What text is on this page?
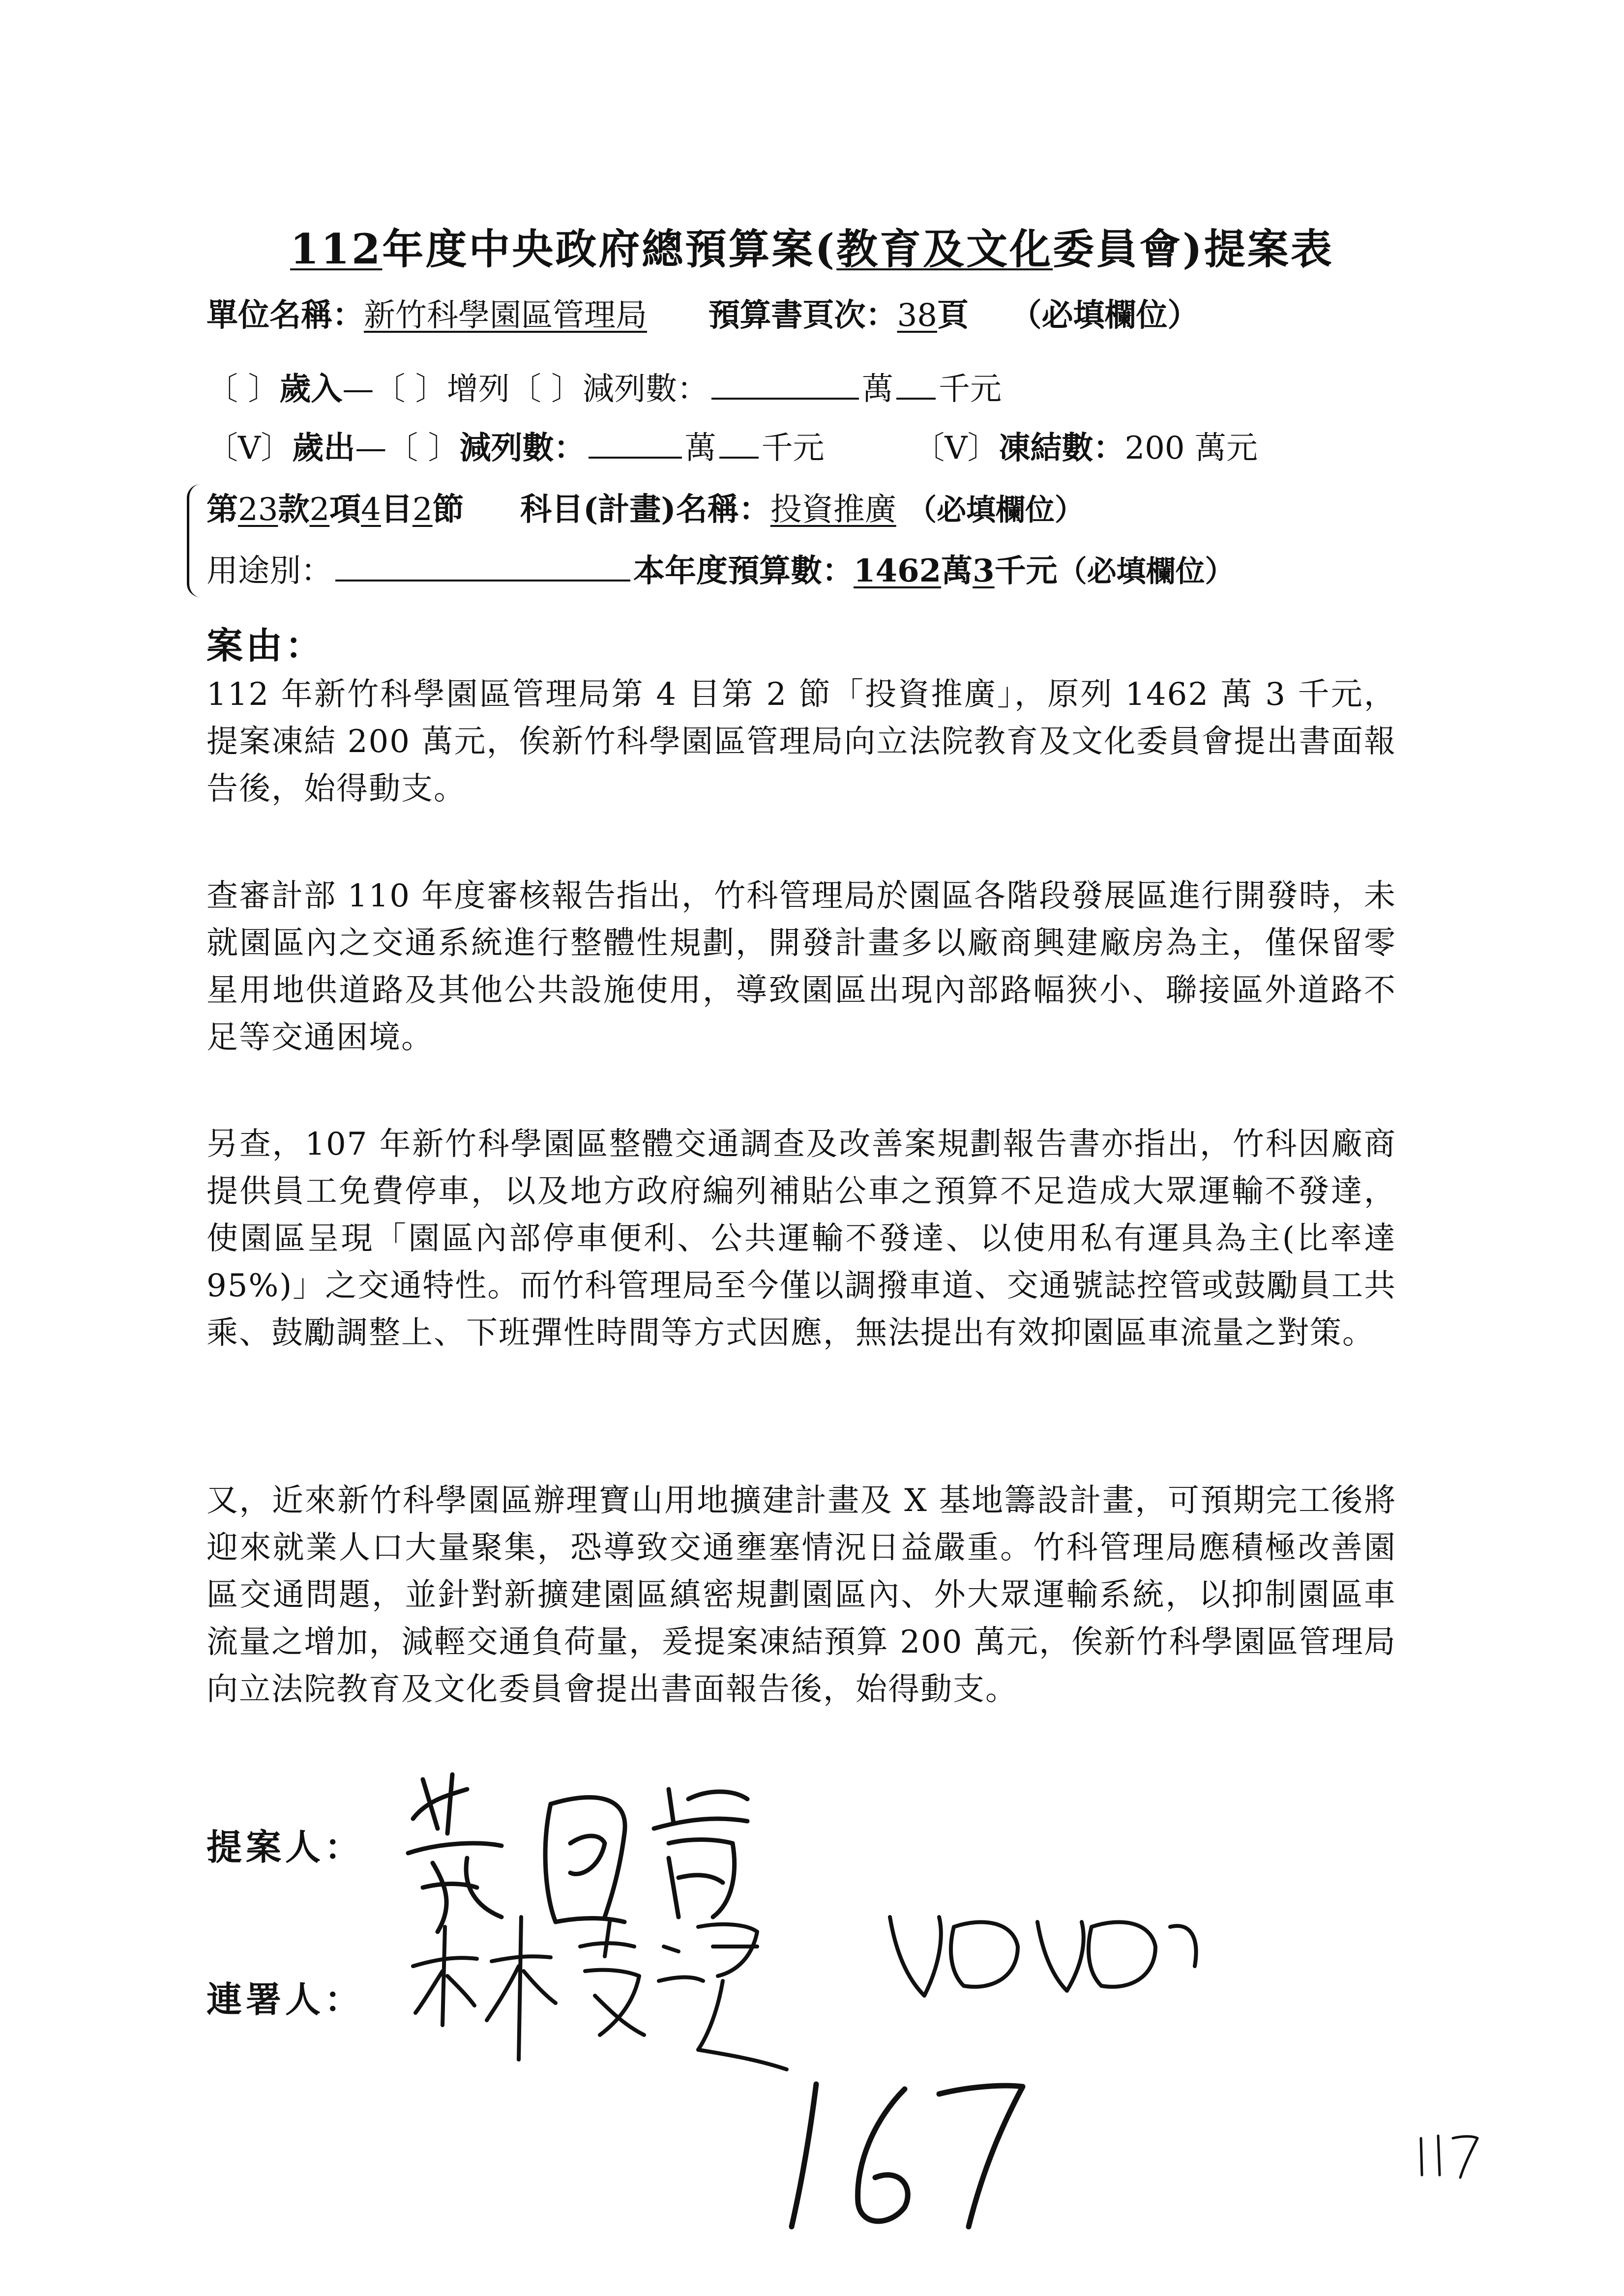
112年度中央政府總預算案(教育及文化委員會)提案表
單位名稱：新竹科學園區管理局 預算書頁次：38頁 （必填欄位）
〔 〕歲入—〔 〕增列〔 〕減列數：	萬 千元
〔V〕歲出—〔 〕減列數：	萬 千元	〔V〕凍結數：200 萬元
第23款2項4目2節 科目(計畫)名稱：投資推廣 （必填欄位）
用途別：	本年度預算數：1462萬3千元（必填欄位）
案由：
112 年新竹科學園區管理局第 4 目第 2 節「投資推廣」，原列 1462 萬 3 千元，提案凍結 200 萬元，俟新竹科學園區管理局向立法院教育及文化委員會提出書面報告後，始得動支。
查審計部 110 年度審核報告指出，竹科管理局於園區各階段發展區進行開發時，未就園區內之交通系統進行整體性規劃，開發計畫多以廠商興建廠房為主，僅保留零星用地供道路及其他公共設施使用，導致園區出現內部路幅狹小、聯接區外道路不足等交通困境。
另查，107 年新竹科學園區整體交通調查及改善案規劃報告書亦指出，竹科因廠商提供員工免費停車，以及地方政府編列補貼公車之預算不足造成大眾運輸不發達，使園區呈現「園區內部停車便利、公共運輸不發達、以使用私有運具為主(比率達 95%)」之交通特性。而竹科管理局至今僅以調撥車道、交通號誌控管或鼓勵員工共乘、鼓勵調整上、下班彈性時間等方式因應，無法提出有效抑園區車流量之對策。
又，近來新竹科學園區辦理寶山用地擴建計畫及 X 基地籌設計畫，可預期完工後將迎來就業人口大量聚集，恐導致交通壅塞情況日益嚴重。竹科管理局應積極改善園區交通問題，並針對新擴建園區縝密規劃園區內、外大眾運輸系統，以抑制園區車流量之增加，減輕交通負荷量，爰提案凍結預算 200 萬元，俟新竹科學園區管理局向立法院教育及文化委員會提出書面報告後，始得動支。
提案人：
連署人：
